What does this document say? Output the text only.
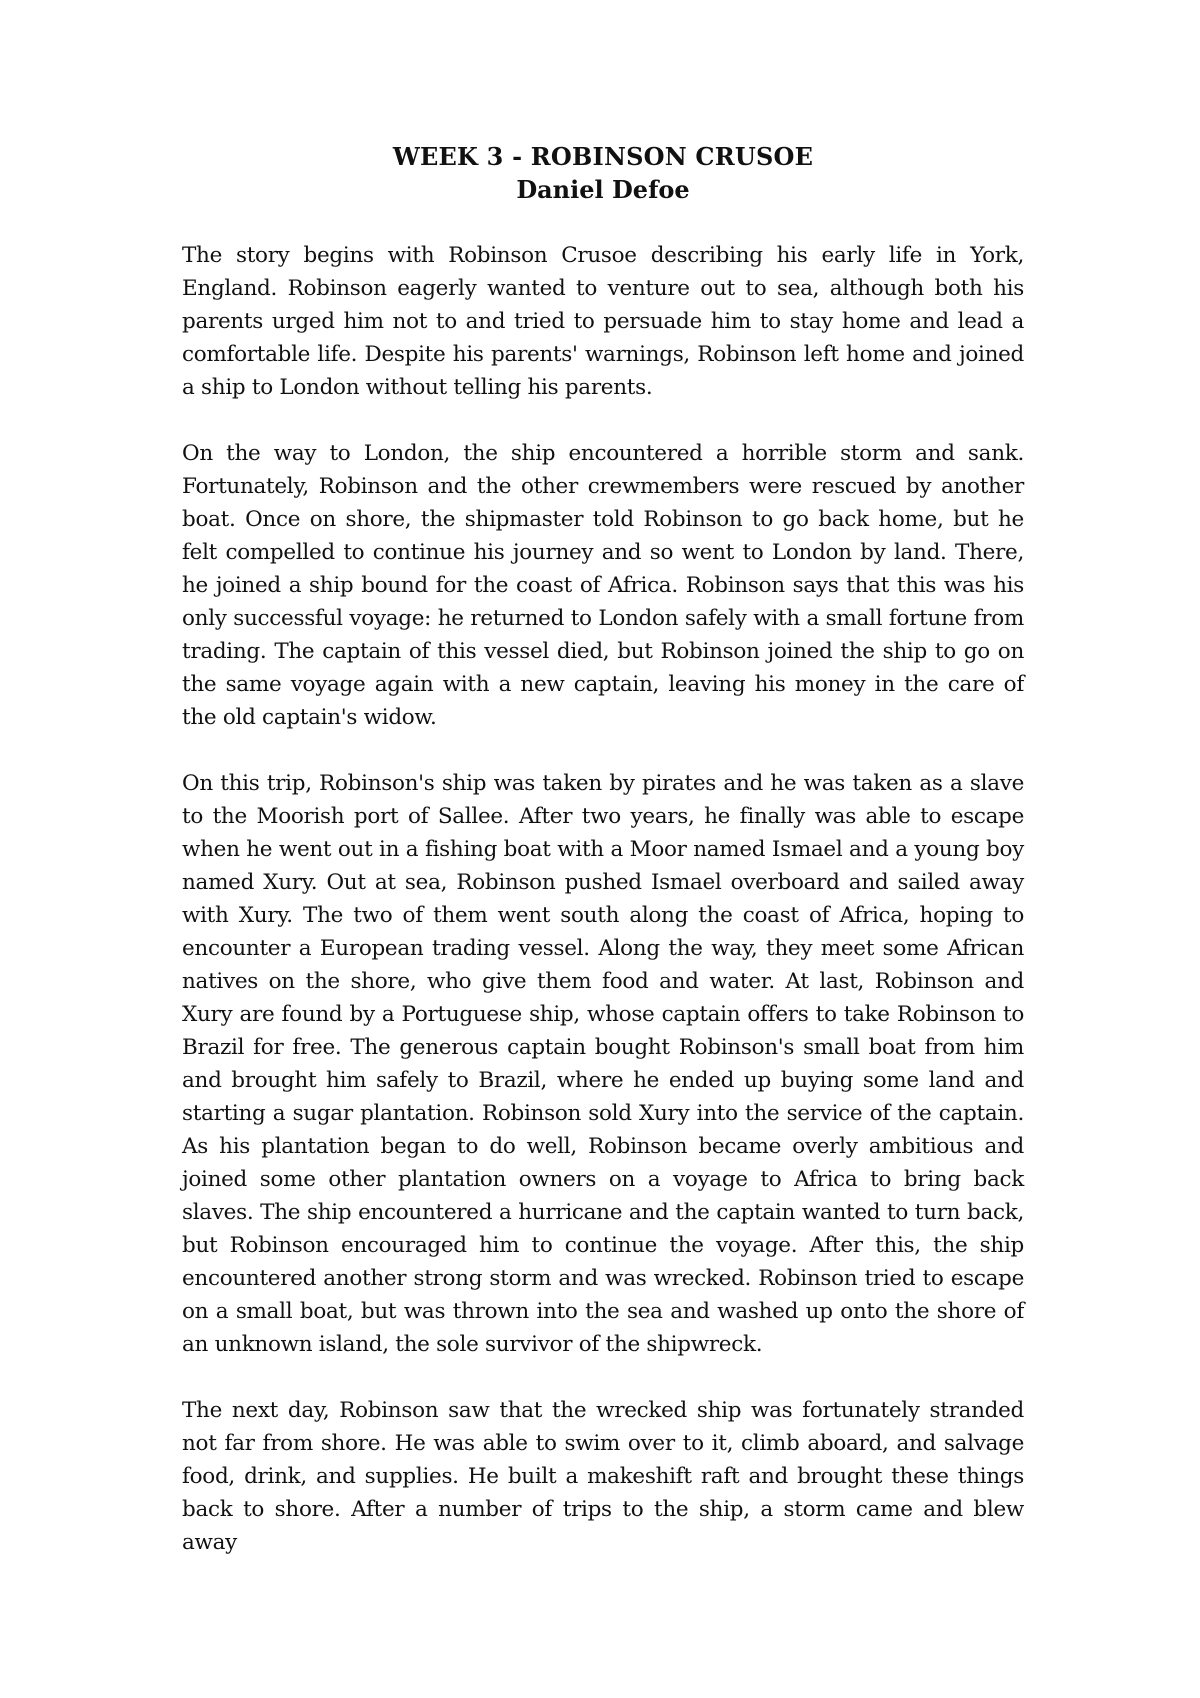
WEEK 3 - ROBINSON CRUSOE
Daniel Defoe

The story begins with Robinson Crusoe describing his early life in York, England. Robinson eagerly wanted to venture out to sea, although both his parents urged him not to and tried to persuade him to stay home and lead a comfortable life. Despite his parents' warnings, Robinson left home and joined a ship to London without telling his parents.

On the way to London, the ship encountered a horrible storm and sank. Fortunately, Robinson and the other crewmembers were rescued by another boat. Once on shore, the shipmaster told Robinson to go back home, but he felt compelled to continue his journey and so went to London by land. There, he joined a ship bound for the coast of Africa. Robinson says that this was his only successful voyage: he returned to London safely with a small fortune from trading. The captain of this vessel died, but Robinson joined the ship to go on the same voyage again with a new captain, leaving his money in the care of the old captain's widow.

On this trip, Robinson's ship was taken by pirates and he was taken as a slave to the Moorish port of Sallee. After two years, he finally was able to escape when he went out in a fishing boat with a Moor named Ismael and a young boy named Xury. Out at sea, Robinson pushed Ismael overboard and sailed away with Xury. The two of them went south along the coast of Africa, hoping to encounter a European trading vessel. Along the way, they meet some African natives on the shore, who give them food and water. At last, Robinson and Xury are found by a Portuguese ship, whose captain offers to take Robinson to Brazil for free. The generous captain bought Robinson's small boat from him and brought him safely to Brazil, where he ended up buying some land and starting a sugar plantation. Robinson sold Xury into the service of the captain. As his plantation began to do well, Robinson became overly ambitious and joined some other plantation owners on a voyage to Africa to bring back slaves. The ship encountered a hurricane and the captain wanted to turn back, but Robinson encouraged him to continue the voyage. After this, the ship encountered another strong storm and was wrecked. Robinson tried to escape on a small boat, but was thrown into the sea and washed up onto the shore of an unknown island, the sole survivor of the shipwreck.

The next day, Robinson saw that the wrecked ship was fortunately stranded not far from shore. He was able to swim over to it, climb aboard, and salvage food, drink, and supplies. He built a makeshift raft and brought these things back to shore. After a number of trips to the ship, a storm came and blew away
